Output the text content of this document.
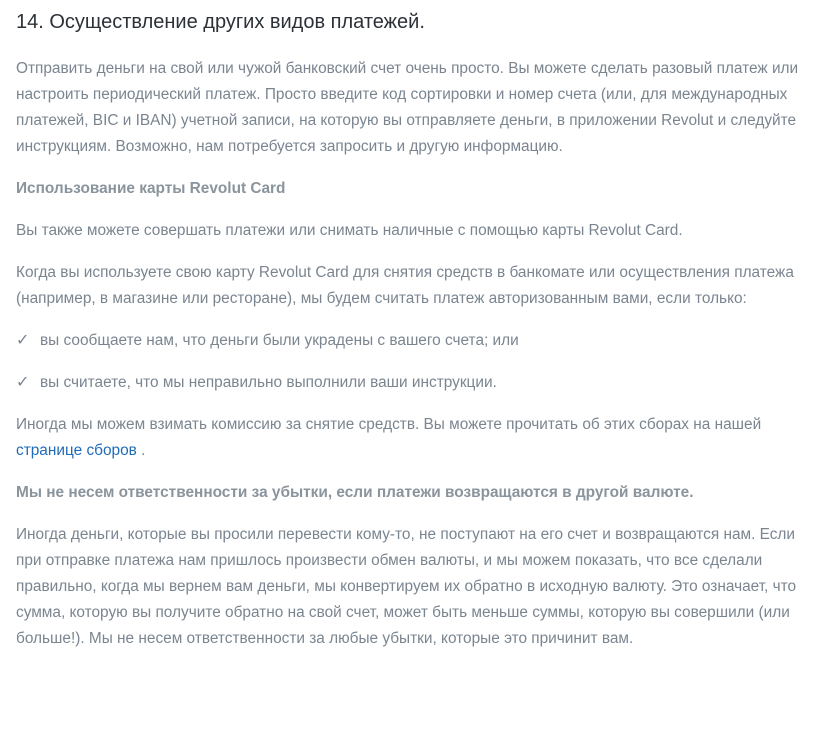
14. Осуществление других видов платежей.

Отправить деньги на свой или чужой банковский счет очень просто. Вы можете сделать разовый платеж или настроить периодический платеж. Просто введите код сортировки и номер счета (или, для международных платежей, BIC и IBAN) учетной записи, на которую вы отправляете деньги, в приложении Revolut и следуйте инструкциям. Возможно, нам потребуется запросить и другую информацию.

Использование карты Revolut Card

Вы также можете совершать платежи или снимать наличные с помощью карты Revolut Card.

Когда вы используете свою карту Revolut Card для снятия средств в банкомате или осуществления платежа (например, в магазине или ресторане), мы будем считать платеж авторизованным вами, если только:

✓ вы сообщаете нам, что деньги были украдены с вашего счета; или
✓ вы считаете, что мы неправильно выполнили ваши инструкции.

Иногда мы можем взимать комиссию за снятие средств. Вы можете прочитать об этих сборах на нашей странице сборов .

Мы не несем ответственности за убытки, если платежи возвращаются в другой валюте.

Иногда деньги, которые вы просили перевести кому-то, не поступают на его счет и возвращаются нам. Если при отправке платежа нам пришлось произвести обмен валюты, и мы можем показать, что все сделали правильно, когда мы вернем вам деньги, мы конвертируем их обратно в исходную валюту. Это означает, что сумма, которую вы получите обратно на свой счет, может быть меньше суммы, которую вы совершили (или больше!). Мы не несем ответственности за любые убытки, которые это причинит вам.
